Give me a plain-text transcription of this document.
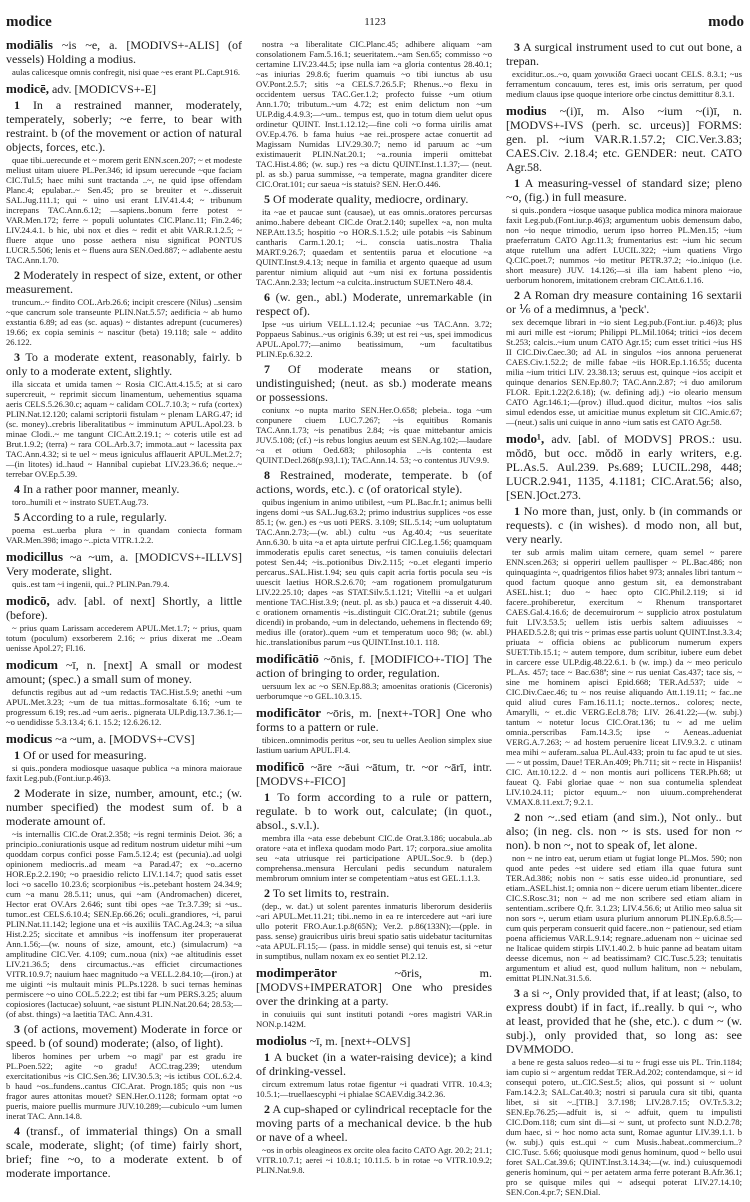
modice	1123	modo
modiālis ~is ~e, a. [MODIVS+-ALIS] (of vessels) Holding a modius.
aulas calicesque omnis confregit, nisi quae ~es erant PL.Capt.916.
modicē, adv. [MODICVS+-E]
1 In a restrained manner, moderately, temperately, soberly; ~e ferre, to bear with restraint. b (of the movement or action of natural objects, forces, etc.).
quae tibi..uerecunde et ~ morem gerit ENN.scen.207; ~ et modeste meliust uitam uiuere PL.Per.346; id ipsum uerecunde ~que faciam CIC.Tul.5; haec mihi sunt tractanda ..~, ne quid ipse offendam Planc.4; epulabar..~ Sen.45; pro se breuiter et ~..disseruit SAL.Jug.111.1; qui ~ uino usi erant LIV.41.4.4; ~ tribunum increpans TAC.Ann.6.12; —sapiens..bonum ferre potest ~ VAR.Men.172; ferre ~ populi uoluntates CIC.Planc.11; Fin.2.46; LIV.24.4.1. b hic, ubi nox et dies ~ redit et abit VAR.R.1.2.5; ~ fluere atque uno posse aethera nisu significat PONTUS LUCR.5.506; lenis et ~ fluens aura SEN.Oed.887; ~ adlabente aestu TAC.Ann.1.70.
2 Moderately in respect of size, extent, or other measurement.
truncum..~ findito COL.Arb.26.6; incipit crescere (Nilus) ..sensim ~que cancrum sole transeunte PLIN.Nat.5.57; aedificia ~ ab humo exstantia 6.89; ad eas (sc. aquas) ~ distantes adrepunt (cucumeres) 19.66; ex copia seminis ~ nascitur (beta) 19.118; sale ~ addito 26.122.
3 To a moderate extent, reasonably, fairly. b only to a moderate extent, slightly.
illa siccata et umida tamen ~ Rosia CIC.Att.4.15.5; at si caro supercreuit, ~ reprimit siccum linamentum, uehementius squama aeris CELS.5.26.30.c; aquam ~ calidam COL.7.10.3; ~ rufa (cortex) PLIN.Nat.12.120; calami scriptorii fistulam ~ plenam LARG.47; id (sc. money)..crebris liberalitatibus ~ imminutum APUL.Apol.23. b minae Clodi..~ me tangunt CIC.Att.2.19.1; ~ coteris utile est ad Brut.1.9.2; (terra) ~ rara COL.Arb.3.7; immota..aut ~ lacessita pax TAC.Ann.4.32; si te uel ~ meus igniculus afflauerit APUL.Met.2.7;—(in litotes) id..haud ~ Hannibal cupiebat LIV.23.36.6; neque..~ terrebar OV.Ep.5.39.
4 In a rather poor manner, meanly.
toro..humili et ~ instrato SUET.Aug.73.
5 According to a rule, regularly.
poema est..uerba plura ~ in quandam coniecta formam VAR.Men.398; imago ~..picta VITR.1.2.2.
modicillus ~a ~um, a. [MODICVS+-ILLVS] Very moderate, slight.
quis..est tam ~i ingenii, qui..? PLIN.Pan.79.4.
modicō, adv. [abl. of next] Shortly, a little (before).
~ prius quam Larissam accederem APUL.Met.1.7; ~ prius, quam totum (poculum) exsorberem 2.16; ~ prius dixerat me ..Oeam uenisse Apol.27; Fl.16.
modicum ~ī, n. [next] A small or modest amount; (spec.) a small sum of money.
defunctis regibus aut ad ~um redactis TAC.Hist.5.9; anethi ~um APUL.Met.3.23; ~um de tua mittas..formosaltate 6.16; ~um te progressum 6.19; res..ad ~um aeris.. pignerata ULP.dig.13.7.36.1;—~o uendidisse 5.3.13.4; 6.1. 15.2; 12.6.26.12.
modicus ~a ~um, a. [MODVS+-CVS]
1 Of or used for measuring.
si quis..pondera modiosque uasaque publica ~a minora maioraue faxit Leg.pub.(Font.iur.p.46)3.
2 Moderate in size, number, amount, etc.; (w. number specified) the modest sum of. b a moderate amount of.
~is internallis CIC.de Orat.2.358; ~is regni terminis Deiot. 36; a principio..coniurationis usque ad reditum nostrum uidetur mihi ~um quoddam corpus confici posse Fam.5.12.4; est (pecunia)..ad uolgi opinionem mediocris..ad meam ~a Parad.47; ex ~o..acerno HOR.Ep.2.2.190; ~o praesidio relicto LIV.1.14.7; quod satis esset loci ~o sacello 10.23.6; scorpionibus ~is..petebant hostem 24.34.9; cum ~a manu 28.5.11; unus, qui ~am (Andromachen) diceret, Hector erat OV.Ars 2.646; sunt tibi opes ~ae Tr.3.7.39; si ~us.. tumor..est CELS.6.10.4; SEN.Ep.66.26; oculi..grandiores, ~i, parui PLIN.Nat.11.142; legione una et ~is auxiliis TAC.Ag.24.3; ~a silua Hist.2.25; siccitate et amnibus ~is inoffensum iter properauerat Ann.1.56;—(w. nouns of size, amount, etc.) (simulacrum) ~a amplitudine CIC.Ver. 4.109; cum..noua (nix) ~ae altitudinis esset LIV.21.36.5; dens circumactus..~as efficiet circumactiones VITR.10.9.7; nauium haec magnitudo ~a VELL.2.84.10;—(iron.) at me uiginti ~is multauit minis PL.Ps.1228. b suci ternas heminas permiscere ~o uino COL.5.22.2; est tibi far ~um PERS.3.25; aluum copiosiores (lactucae) soluunt, ~ae sistunt PLIN.Nat.20.64; 28.53;—(of abst. things) ~a laetitia TAC. Ann.4.31.
3 (of actions, movement) Moderate in force or speed. b (of sound) moderate; (also, of light).
liberos homines per urbem ~o magi' par est gradu ire PL.Poen.522; agite ~o gradu! ACC.trag.239; utendum exercitationibus ~is CIC.Sen.36; LIV.30.5.3; ~is ictibus COL.6.2.4. b haud ~os..fundens..cantus CIC.Arat. Progn.185; quis non ~us fragor aures attonitas mouet? SEN.Her.O.1128; formam optat ~o pueris, maiore puellis murmure JUV.10.289;—cubiculo ~um lumen inerat TAC. Ann.14.8.
4 (transf., of immaterial things) On a small scale, moderate, slight; (of time) fairly short, brief; fine ~o, to a moderate extent. b of moderate importance.
nostra ~a liberalitate CIC.Planc.45; adhibere aliquam ~am consolationem Fam.5.16.1; seueritatem..~am Sen.65; commisso ~o certamine LIV.23.44.5; ipse nulla iam ~a gloria contentus 28.40.1; ~as iniurias 29.8.6; fuerim quamuis ~o tibi iunctus ab usu OV.Pont.2.5.7; sitis ~a CELS.7.26.5.F; Rhenus..~o flexu in occidentem uersus TAC.Ger.1.2; profecto fuisse ~um otium Ann.1.70; tributum..~um 4.72; est enim delictum non ~um ULP.dig.4.4.9.3;—~um.. tempus est, quo in totum diem uelut opus ordinetur QUINT. Inst.1.12.12;—fine coli ~o forma uirilis amat OV.Ep.4.76. b fama huius ~ae rei..prospere actae conuertit ad Magissam Numidas LIV.29.30.7; nemo id paruum ac ~um existimauerit PLIN.Nat.20.1; ~a..rounia imperii omittebat TAC.Hist.4.86; (w. sup.) res ~a dictu QUINT.Inst.1.1.37;— (neut. pl. as sb.) parua summisse, ~a temperate, magna granditer dicere CIC.Orat.101; cur saeua ~is statuis? SEN. Her.O.446.
5 Of moderate quality, mediocre, ordinary.
ita ~ae et paucae sunt (causae), ut eas omnis..oratores percursas animo..habere debeant CIC.de Orat.2.140; supellex ~a, non multa NEP.Att.13.5; hospitio ~o HOR.S.1.5.2; uile potabis ~is Sabinum cantharis Carm.1.20.1; ~i.. conscia uatis..nostra Thalia MART.9.26.7; quaedam et sententiis parua et elocutione ~a QUINT.Inst.9.4.13; neque in familia et argento quaeque ad usum parentur nimium aliquid aut ~um nisi ex fortuna possidentis TAC.Ann.2.33; lectum ~a culcita..instructum SUET.Nero 48.4.
6 (w. gen., abl.) Moderate, unremarkable (in respect of).
Ipse ~us uirium VELL.1.12.4; pecuniae ~us TAC.Ann. 3.72; Poppaeus Sabinus..~us originis 6.39; ut est rei ~us, spei immodicus APUL.Apol.77;—animo beatissimum, ~um facultatibus PLIN.Ep.6.32.2.
7 Of moderate means or station, undistinguished; (neut. as sb.) moderate means or possessions.
coniunx ~o nupta marito SEN.Her.O.658; plebeia.. toga ~um conpunere ciuem LUC.7.267; ~is equitibus Romanis TAC.Ann.1.73; ~is penatibus 2.84; ~is quae mittebantur amicis JUV.5.108; (cf.) ~is rebus longius aeuum est SEN.Ag.102;—laudare ~a et otium Oed.683; philosophia ..~is contenta est QUINT.Decl.268(p.93,l.1); TAC.Ann.14. 53; ~o contentus JUV.9.9.
8 Restrained, moderate, temperate. b (of actions, words, etc.). c (of oratorical style).
quibus ingenium in animo utibilest, ~um PL.Bac.fr.1; animus belli ingens domi ~us SAL.Jug.63.2; primo industrius supplices ~os esse 85.1; (w. gen.) es ~us uoti PERS. 3.109; SIL.5.14; ~um uoluptatum TAC.Ann.2.73;—(w. abl.) cultu ~us Ag.40.4; ~us seueritate Ann.6.30. b uita ~a et apta uirtute perfrui CIC.Leg.1.56; quamquam immoderatis epulis caret senectus, ~is tamen conuiuiis delectari potest Sen.44; ~is..potionibus Div.2.115; ~o..et eleganti imperio percarus..SAL.Hist.1.94; seu quis capit acria fortis pocula seu ~is uuescit laetius HOR.S.2.6.70; ~am rogationem promulgaturum LIV.22.25.10; dapes ~as STAT.Silv.5.1.121; Vitellii ~a et uulgari mentione TAC.Hist.3.9; (neut. pl. as sb.) pauca et ~a disseruit 4.40. c orationem ornamentis ~is..distinguit CIC.Orat.21; subtile (genus dicendi) in probando, ~um in delectando, uehemens in flectendo 69; medius ille (orator)..quem ~um et temperatum uoco 98; (w. abl.) hic..translationibus parum ~us QUINT.Inst.10.1. 118.
modificātiō ~ōnis, f. [MODIFICO+-TIO] The action of bringing to order, regulation.
uersuum lex ac ~o SEN.Ep.88.3; amoenitas orationis (Ciceronis) uerborumque ~o GEL.10.3.15.
modificātor ~ōris, m. [next+-TOR] One who forms to a pattern or rule.
tibicen..omnimodis peritus ~or, seu tu uelles Aeolion simplex siue Iastium uarium APUL.Fl.4.
modificō ~āre ~āui ~ātum, tr. ~or ~ārī, intr. [MODVS+-FICO]
1 To form according to a rule or pattern, regulate. b to work out, calculate; (in quot., absol., s.v.l.).
membra illa ~ata esse debebunt CIC.de Orat.3.186; uocabula..ab oratore ~ata et inflexa quodam modo Part. 17; corpora..siue amolita seu ~ata utriusque rei participatione APUL.Soc.9. b (dep.) comprehensa..mensura Herculani pedis secundum naturalem membrorum omnium inter se competentiam ~atus est GEL.1.1.3.
2 To set limits to, restrain.
(dep., w. dat.) ut solent parentes inmaturis liberorum desideriis ~ari APUL.Met.11.21; tibi..nemo in ea re intercedere aut ~ari iure ullo poterit FRO.Aur.1.p.8(65N); Ver.2. p.86(133N);—(pple. in pass. sense) grauicribus uiris breui spatio satis uidebatur taciturnitas ~ata APUL.Fl.15;— (pass. in middle sense) qui tenuis est, si ~etur in sumptibus, nullam noxam ex eo sentiet Pl.2.12.
modimperātor	~ōris, m. [MODVS+IMPERATOR] One who presides over the drinking at a party.
in conuiuiis qui sunt instituti potandi ~ores magistri VAR.in NON.p.142M.
modiolus ~ī, m. [next+-OLVS]
1 A bucket (in a water-raising device); a kind of drinking-vessel.
circum extremum latus rotae figentur ~i quadrati VITR. 10.4.3; 10.5.1;—truellaescyphi ~i phialae SCAEV.dig.34.2.36.
2 A cup-shaped or cylindrical receptacle for the moving parts of a mechanical device. b the hub or nave of a wheel.
~os in orbis oleagineos ex orcite olea facito CATO Agr. 20.2; 21.1; VITR.10.7.1; aerei ~i 10.8.1; 10.11.5. b in rotae ~o VITR.10.9.2; PLIN.Nat.9.8.
3 A surgical instrument used to cut out bone, a trepan.
exciditur..os..~o, quam χοινικίδα Graeci uocant CELS. 8.3.1; ~us ferramentum concauum, teres est, imis oris serratum, per quod medium clauus ipse quoque interiore orbe cinctus demittitur 8.3.1.
modius ~(i)ī, m. Also ~ium ~(i)ī, n. [MODVS+-IVS (perh. sc. urceus)] FORMS: gen. pl. ~ium VAR.R.1.57.2; CIC.Ver.3.83; CAES.Civ. 2.18.4; etc. GENDER: neut. CATO Agr.58.
1 A measuring-vessel of standard size; pleno ~o, (fig.) in full measure.
si quis..pondera ~iosque uasaque publica modica minora maioraue faxit Leg.pub.(Font.iur.p.46)3; argumentum uobis demensum dabo, non ~io neque trimodio, uerum ipso horreo PL.Men.15; ~ium praeferratum CATO Agr.11.3; frumentarius est: ~ium hic secum atque rutellum una adfert LUCIL.322; ~ium quatiens Virgo Q.CIC.poet.7; nummos ~io metitur PETR.37.2; ~io..iniquo (i.e. short measure) JUV. 14.126;—si illa iam habent pleno ~io, uerborum honorem, imitationem crebram CIC.Att.6.1.16.
2 A Roman dry measure containing 16 sextarii or ⅙ of a medimnus, a 'peck'.
sex decemque librari in ~io sient Leg.pub.(Font.iur. p.46)3; plus mi auri mille est ~iorum; Philippi PL.Mil.1064; tritici ~ios decem St.253; calcis..~ium unum CATO Agr.15; cum esset tritici ~ius HS II CIC.Div.Caec.30; ad AL in singulos ~ios annona peruenerat CAES.Civ.1.52.2; de mille fabae ~iis HOR.Ep.1.16.55; ducenta milia ~ium tritici LIV. 23.38.13; seruus est, quinque ~ios accipit et quinque denarios SEN.Ep.80.7; TAC.Ann.2.87; ~i duo amilorum FLOR. Epit.1.22(2.6.18); (w. defining adj.) ~io oleario mensum CATO Agr.146.1;—(prov.) illud..quod dicitur, multos ~ios salis simul edendos esse, ut amicitiae munus expletum sit CIC.Amic.67;—(neut.) salis uni cuique in anno ~ium satis est CATO Agr.58.
modo¹, adv. [abl. of MODVS] PROS.: usu. mŏdō, but occ. mŏdŏ in early writers, e.g. PL.As.5. Aul.239. Ps.689; LUCIL.298, 448; LUCR.2.941, 1135, 4.1181; CIC.Arat.56; also, [SEN.]Oct.273.
1 No more than, just, only. b (in commands or requests). c (in wishes). d modo non, all but, very nearly.
ter sub armis malim uitam cernere, quam semel ~ parere ENN.scen.263; si opperiri uellem paullisper ~ PL.Bac.486; non quinquaginta ~, quadrigentos filios habet 973; annales libri tantum ~ quod factum quoque anno gestum sit, ea demonstrabant ASEL.hist.1; duo ~ haec opto CIC.Phil.2.119; si id facere..prohiberetur, exercitum ~ Rhenum transportaret CAES.Gal.4.16.6; de decemuirorum ~ supplicio atrox postulatum fuit LIV.3.53.5; uellem istis uerbis saltem adiuuisses ~ PHAED.5.2.8; qui tris ~ primas esse partis uolunt QUINT.Inst.3.3.4; priuata ~ officia obiens ac publicorum numerum expers SUET.Tib.15.1; ~ autem tempore, dum scribitur, iubere eum debet in carcere esse ULP.dig.48.22.6.1. b (w. imp.) da ~ meo periculo PL.As. 457; tace ~ Bac.638ª; sine ~ rus ueniat Cas.437; tace sis, ~ sine me hominem apisci Epid.668; TER.Ad.537; uide ~ CIC.Div.Caec.46; tu ~ nos reuise aliquando Att.1.19.11; ~ fac..ne quid aliud cures Fam.16.11.1; nocte..ternos.. colores; necte, Amarylli, ~ et..dic VERG.Ecl.8.78; LIV. 26.41.22;—(w. subj.) tantum ~ notetur locus CIC.Orat.136; tu ~ ad me uelim omnia..perscribas Fam.14.3.5; ipse ~ Aeneas..adueniat VERG.A.7.263; ~ ad hostem peruenire liceat LIV.9.3.2. c utinam mea mihi ~ auferam..salua PL.Aul.433; proin tu fac apud te ut sies.— ~ ut possim, Daue! TER.An.409; Ph.711; sit ~ recte in Hispaniis! CIC. Att.10.12.2. d ~ non montis auri pollicens TER.Ph.68; ut faueat Q. Fabi gloriae quae ~ non sua contumelia splendeat LIV.10.24.11; pictor equum..~ non uiuum..comprehenderat V.MAX.8.11.ext.7; 9.2.1.
2 non ~..sed etiam (and sim.), Not only.. but also; (in neg. cls. non ~ is sts. used for non ~ non). b non ~, not to speak of, let alone.
non ~ ne intro eat, uerum etiam ut fugiat longe PL.Mos. 590; non quod ante pedes ~st uidere sed etiam illa quae futura sunt TER.Ad.386; nobis non ~ satis esse uideo..id pronuntiare, sed etiam..ASEL.hist.1; omnia non ~ dicere uerum etiam libenter..dicere CIC.S.Rosc.31; non ~ ad me non scribere sed etiam aliam in sententiam..scribere Q.fr. 3.1.23; LIV.4.56.6; ut Atilio meo salua sit non sors ~, uerum etiam usura plurium annorum PLIN.Ep.6.8.5;—cum quis perperam consuerit quid facere..non ~ patienour, sed etiam poena afficiemus VAR.L.9.14; regnare..aduenam non ~ uicinae sed ne Italicae quidem stirpis LIV.1.40.2. b huic panne ad beatam uitam deesse dicemus, non ~ ad beatissimam? CIC.Tusc.5.23; tenuitatis argumentum et aliud est, quod nullum halitum, non ~ nebulam, emittat PLIN.Nat.31.5.6.
3 a si ~, Only provided that, if at least; (also, to express doubt) if in fact, if..really. b qui ~, who at least, provided that he (she, etc.). c dum ~ (w. subj.), only provided that, so long as: see DVMMODO.
a bene re gesta saluos redeo—si tu ~ frugi esse uis PL. Trin.1184; iam cupio si ~ argentum reddat TER.Ad.202; contendamque, si ~ id consequi potero, ut..CIC.Sest.5; alios, qui possunt si ~ uolunt Fam.14.2.3; SAL.Cat.40.3; nostri si paruula cura sit tibi, quanta libet, si sit ~..[TIB.] 3.7.198; LIV.28.7.15; OV.Tr.5.3.2; SEN.Ep.76.25;—adfuit is, si ~ adfuit, quem tu impulisti CIC.Dom.118; cum sint di—si ~ sunt, ut profecto sunt N.D.2.78; dum haec, si ~ hoc nomo acta sunt, Romae aguntur LIV.39.1.1. b (w. subj.) quis est..qui ~ cum Musis..habeat..commercium..? CIC.Tusc. 5.66; quoiusque modi genus hominum, quod ~ bello usui foret SAL.Cat.39.6; QUINT.Inst.3.14.34;—(w. ind.) cuiusquemodi generis hominum, qui ~ per aetatem arma ferre poterant B.Afr.36.1; pro se quisque miles qui ~ adsequi poterat LIV.27.14.10; SEN.Con.4.pr.7; SEN.Dial.
